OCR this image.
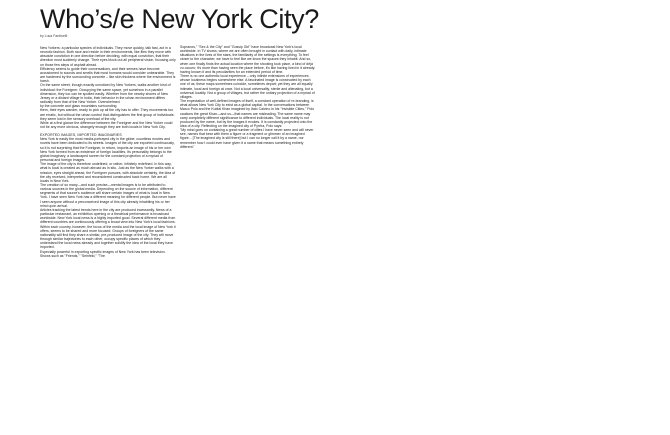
Who’s/e New York City?
by Luca Fantinelli

New Yorkers: a particular species of individuals. They move quickly, talk fast, act in a neurotic fashion. Both race and reside in their environments, like flies they move with absolute conviction in one direction before deciding, with equal conviction, that their direction must suddenly change. Their eyes block out all peripheral vision, focusing only on those few steps of asphalt ahead.

Efficiency seems to guide their conversations, and their senses have become accustomed to sounds and smells that most humans would consider unbearable. They are hardened by the surrounding concrete – like skin thickens where the environment is harsh.

On the same street, though exactly unnoticed by New Yorkers, walks another kind of individual: the Foreigner. Occupying the same space, yet somehow in a parallel dimension, they too can be spotted easily. Whether from the nearby shores of New Jersey or a distant village in India, their behavior in the urban environment differs radically from that of the New Yorker. Overwhelmed

by the concrete and glass mountains surrounding

them, their eyes wander, ready to pick up all the city has to offer. They movements too are erratic, but without the urban control that distinguishes the first group of individuals: they seem lost in the sensory overload of the city.

While at a first glance the difference between the Foreigner and the New Yorker could not be any more obvious, strangely enough they are both locals in New York City.

EXPORTED IMAGES, IMPORTED IMAGINARIES

New York is easily the most media-portrayed city in the globe; countless movies and novels have been dedicated to its streets. Images of the city are exported continuously, so it is not surprising that the Foreigner, in return, imports an image of his or her own New York formed from an existence of foreign localities. Its personality belongs to the global imaginary, a landscaped screen for the constant projection of a myriad of personal and foreign images.

The image of the city is therefore undefined, or rather, infinitely redefined. In this way, what is local is created as much abroad as in situ. Just as the New Yorker walks with a mission, eyes straight ahead, the Foreigner pursues, with absolute certainty, the idea of the city received, interpreted and reconsidered constructed back home. We are all locals in New York.

The creation of so many—and such precise—mental images is to be attributed to various sources in the global media. Depending on the source of information, different segments of that source's audience will share certain images of what is local in New York. I have seen New York has a different meaning for different people. But never have I seen anyone without a preconceived image of this city already inhabiting his or her mind upon arrival.

Articles tracking the latest trends here in the city are produced incessantly. News of a particular restaurant, an exhibition opening or a theatrical performance is broadcast worldwide. New York local news is a highly imported good. Several different media from different countries are continuously offering a broad view into New York's local fashions. Within each country, however, the focus of the media and the local image of New York it offers, seems to be shared and more focused. Groups of foreigners of the same nationality will find they share a similar, pre-produced image of the city. They will move through similar trajectories to each other, occupy specific places of which they understand the local news already and together solidify the idea of the local they have imported.

Especially powerful in exporting specific images of New York has been television. Shows such as "Friends," "Seinfeld," "The

Sopranos," "Sex & the City" and "Gossip Girl" have broadcast New York's local worldwide. In TV shows, where we are often brought in contact with daily, intimate situations in the lives of the stars, the familiarity of the settings is everything. To feel closer to the character, we have to feel like we know the spaces they inhabit. And so, when one finally finds the actual location where the shooting took place, a kind of déjà vu occurs; it's more than having seen the place before, it's like having lived in it already: having known it and its peculiarities for an extended period of time.

There is no one authentic local experience – only infinite extensions of experiences whose localness begins somewhere else. A fascinated image is constructed by each one of us; these maps sometimes coincide, sometimes depart; yet they are all equally intimate, local and foreign at once. Not a local universality, sterile and alienating, but a universal locality. Not a group of villages, but rather the unitary projection of a myriad of villages.

The expectation of well-defined images of itself, a constant operation of re-branding, is what allows New York City to exist as a global capital. In the conversations between Marco Polo and the Kublai Khan imagined by Italo Calvino in his "Invisible Cities," Polo cautions the great Khan—and us—that names are misleading. The same name may carry completely different significance to different individuals. The local reality is not produced by the name, but by the images it evokes. It is constantly projected onto the idea of a city. Reflecting on the imagined city of Pyrrha, Polo says:

"My mind goes on containing a great number of cities I have never seen and will never see, names that bear with them a figure or a fragment or glimmer of an imagined figure... [The imagined city is still there] but I can no longer call it by a name, nor remember how I could ever have given it a name that means something entirely different."
